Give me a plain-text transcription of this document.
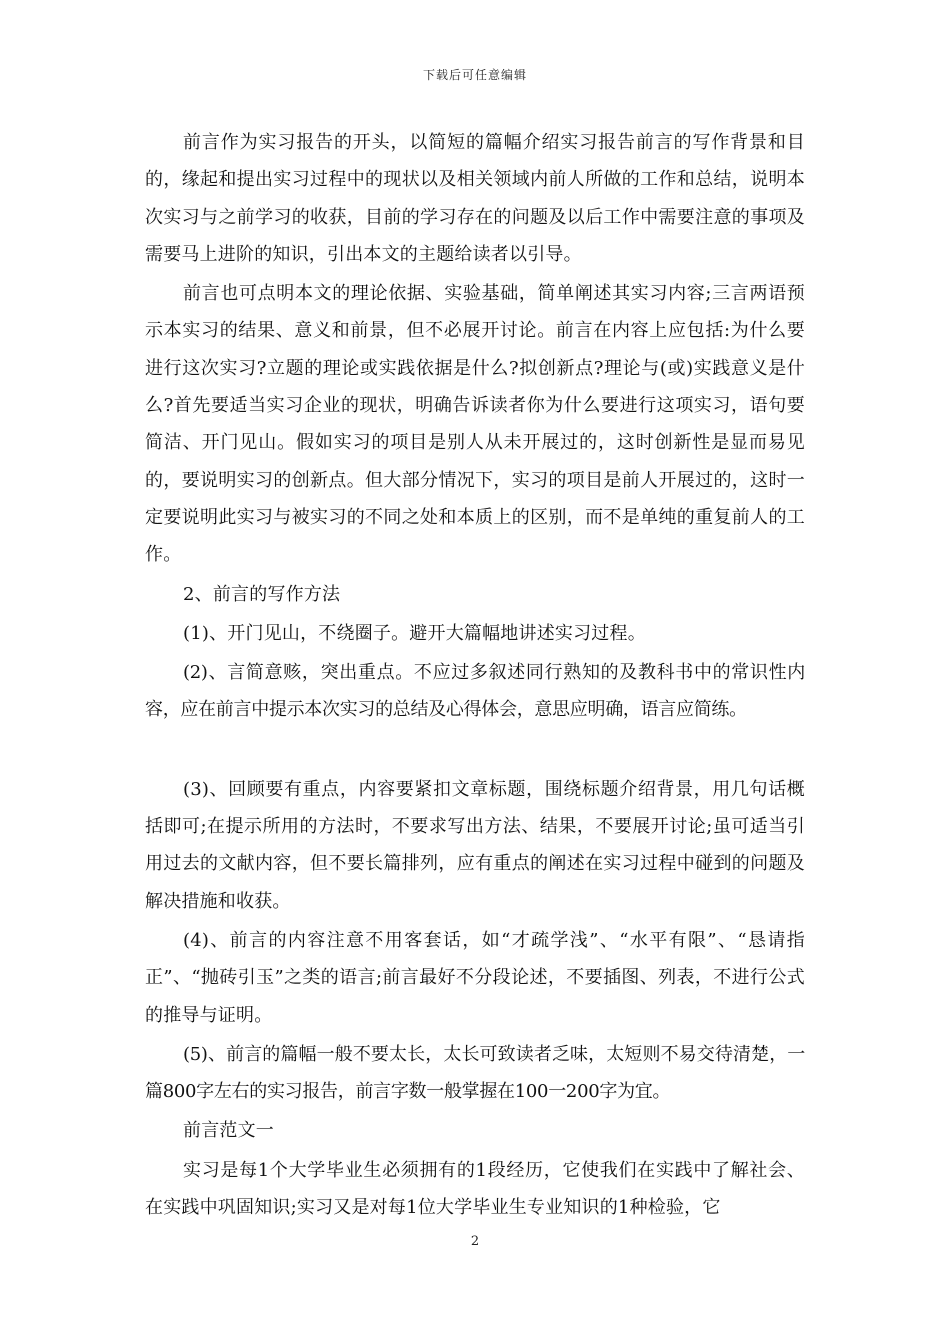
下载后可任意编辑

前言作为实习报告的开头，以简短的篇幅介绍实习报告前言的写作背景和目的，缘起和提出实习过程中的现状以及相关领域内前人所做的工作和总结，说明本次实习与之前学习的收获，目前的学习存在的问题及以后工作中需要注意的事项及需要马上进阶的知识，引出本文的主题给读者以引导。

前言也可点明本文的理论依据、实验基础，简单阐述其实习内容;三言两语预示本实习的结果、意义和前景，但不必展开讨论。前言在内容上应包括:为什么要进行这次实习?立题的理论或实践依据是什么?拟创新点?理论与(或)实践意义是什么?首先要适当实习企业的现状，明确告诉读者你为什么要进行这项实习，语句要简洁、开门见山。假如实习的项目是别人从未开展过的，这时创新性是显而易见的，要说明实习的创新点。但大部分情况下，实习的项目是前人开展过的，这时一定要说明此实习与被实习的不同之处和本质上的区别，而不是单纯的重复前人的工作。

2、前言的写作方法

(1)、开门见山，不绕圈子。避开大篇幅地讲述实习过程。

(2)、言简意赅，突出重点。不应过多叙述同行熟知的及教科书中的常识性内容，应在前言中提示本次实习的总结及心得体会，意思应明确，语言应简练。

(3)、回顾要有重点，内容要紧扣文章标题，围绕标题介绍背景，用几句话概括即可;在提示所用的方法时，不要求写出方法、结果，不要展开讨论;虽可适当引用过去的文献内容，但不要长篇排列，应有重点的阐述在实习过程中碰到的问题及解决措施和收获。

(4)、前言的内容注意不用客套话，如“才疏学浅”、“水平有限”、“恳请指正”、“抛砖引玉”之类的语言;前言最好不分段论述，不要插图、列表，不进行公式的推导与证明。

(5)、前言的篇幅一般不要太长，太长可致读者乏味，太短则不易交待清楚，一篇800字左右的实习报告，前言字数一般掌握在100一200字为宜。

前言范文一

实习是每1个大学毕业生必须拥有的1段经历，它使我们在实践中了解社会、在实践中巩固知识;实习又是对每1位大学毕业生专业知识的1种检验，它

2
